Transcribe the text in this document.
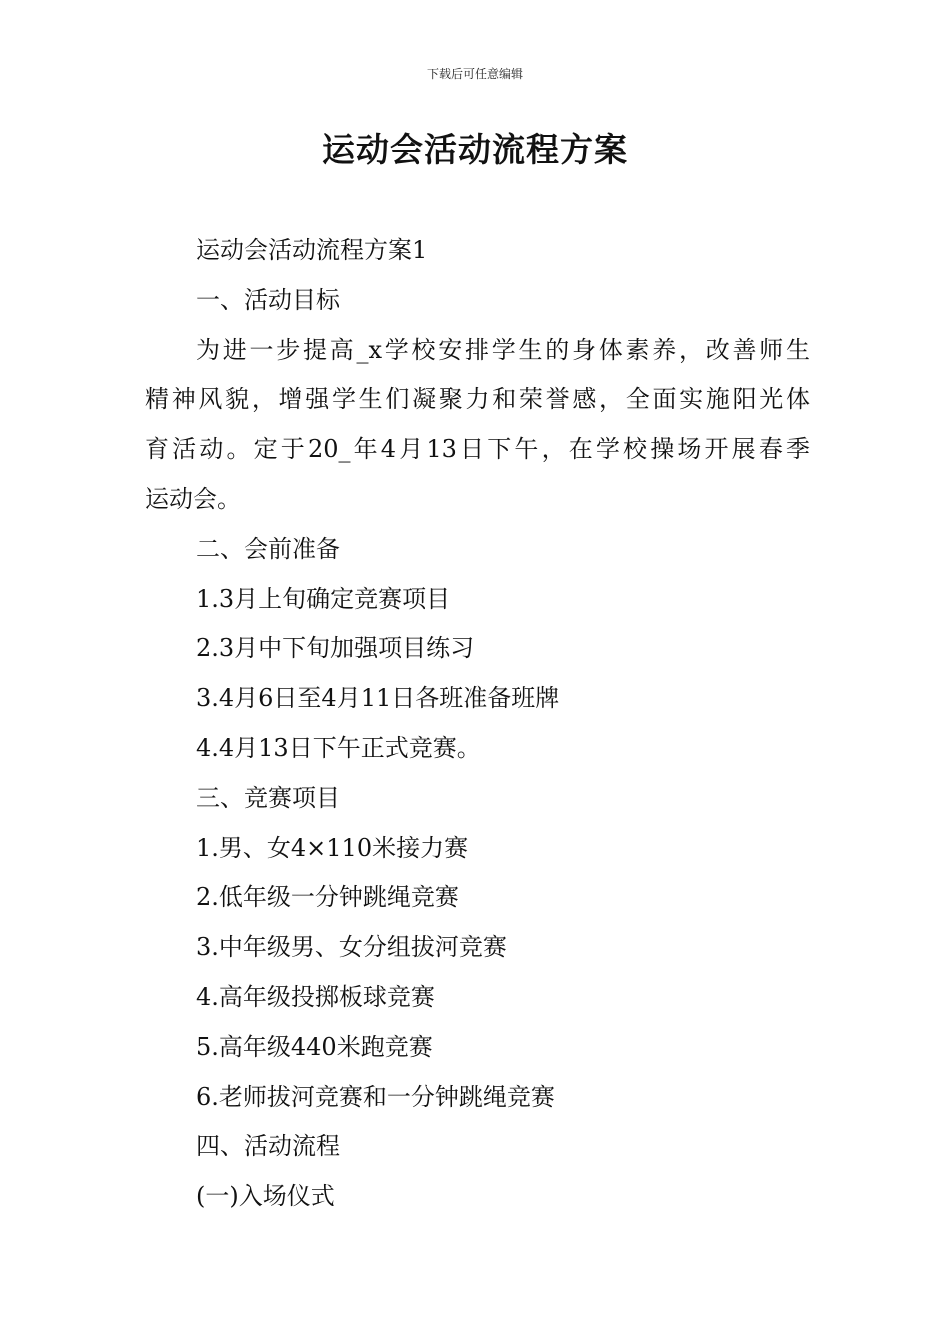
下载后可任意编辑
运动会活动流程方案
运动会活动流程方案1
一、活动目标
为进一步提高_x学校安排学生的身体素养，改善师生
精神风貌，增强学生们凝聚力和荣誉感，全面实施阳光体
育活动。定于20_年4月13日下午，在学校操场开展春季
运动会。
二、会前准备
1.3月上旬确定竞赛项目
2.3月中下旬加强项目练习
3.4月6日至4月11日各班准备班牌
4.4月13日下午正式竞赛。
三、竞赛项目
1.男、女4×110米接力赛
2.低年级一分钟跳绳竞赛
3.中年级男、女分组拔河竞赛
4.高年级投掷板球竞赛
5.高年级440米跑竞赛
6.老师拔河竞赛和一分钟跳绳竞赛
四、活动流程
(一)入场仪式
